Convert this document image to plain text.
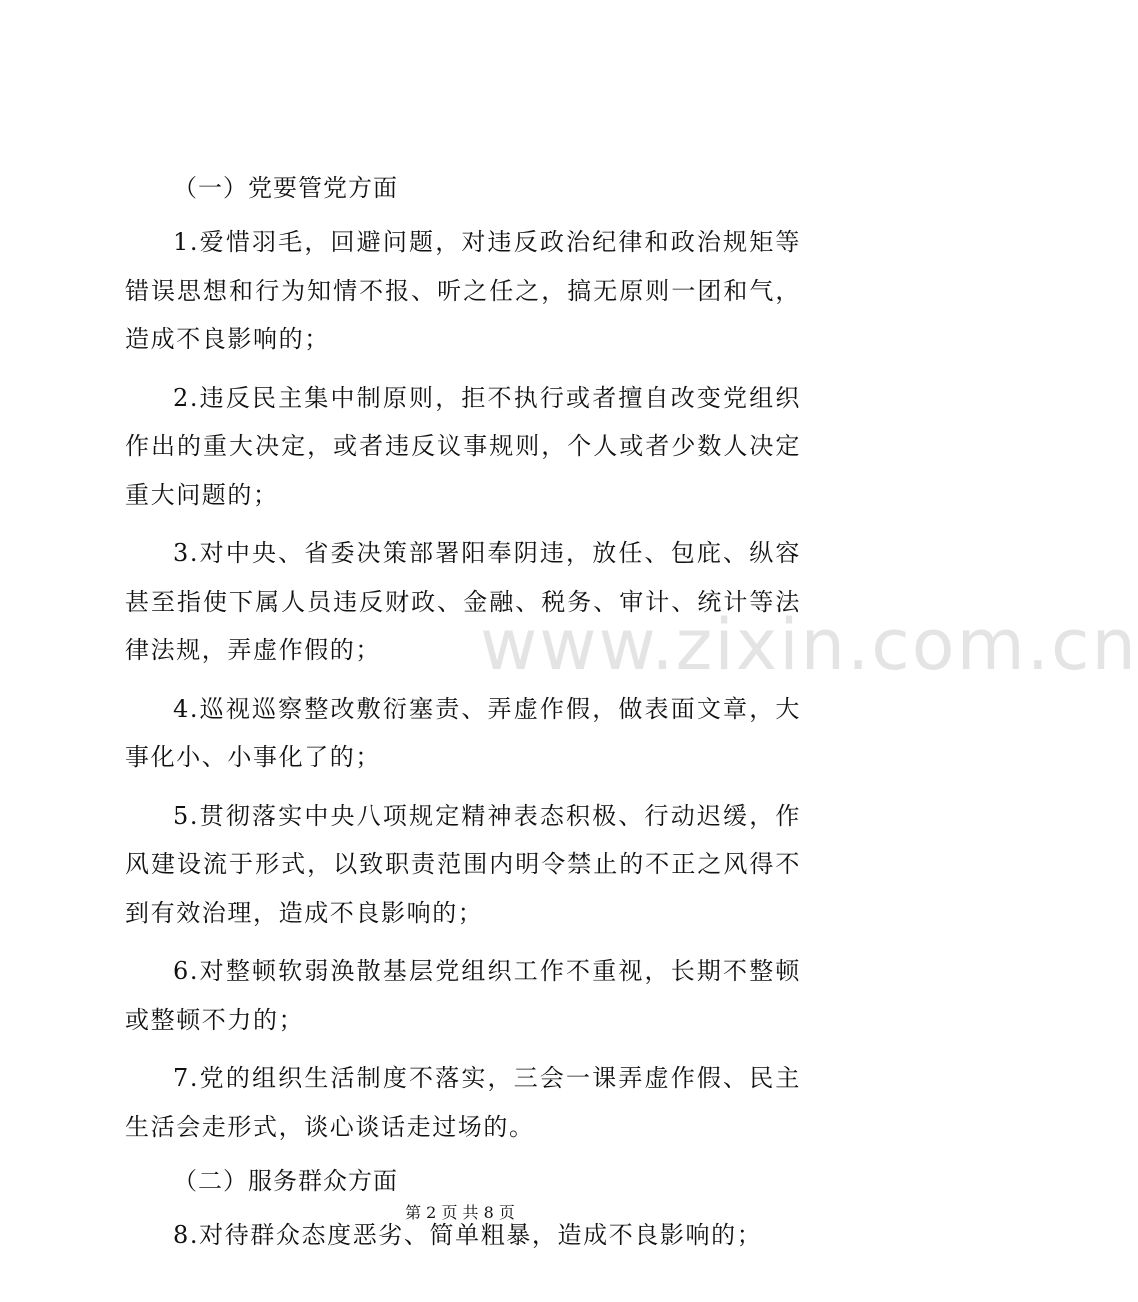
www.zixin.com.cn
（一）党要管党方面

1.爱惜羽毛，回避问题，对违反政治纪律和政治规矩等错误思想和行为知情不报、听之任之，搞无原则一团和气，造成不良影响的；

2.违反民主集中制原则，拒不执行或者擅自改变党组织作出的重大决定，或者违反议事规则，个人或者少数人决定重大问题的；

3.对中央、省委决策部署阳奉阴违，放任、包庇、纵容甚至指使下属人员违反财政、金融、税务、审计、统计等法律法规，弄虚作假的；

4.巡视巡察整改敷衍塞责、弄虚作假，做表面文章，大事化小、小事化了的；

5.贯彻落实中央八项规定精神表态积极、行动迟缓，作风建设流于形式，以致职责范围内明令禁止的不正之风得不到有效治理，造成不良影响的；

6.对整顿软弱涣散基层党组织工作不重视，长期不整顿或整顿不力的；

7.党的组织生活制度不落实，三会一课弄虚作假、民主生活会走形式，谈心谈话走过场的。

（二）服务群众方面

8.对待群众态度恶劣、简单粗暴，造成不良影响的；

第 2 页 共 8 页
